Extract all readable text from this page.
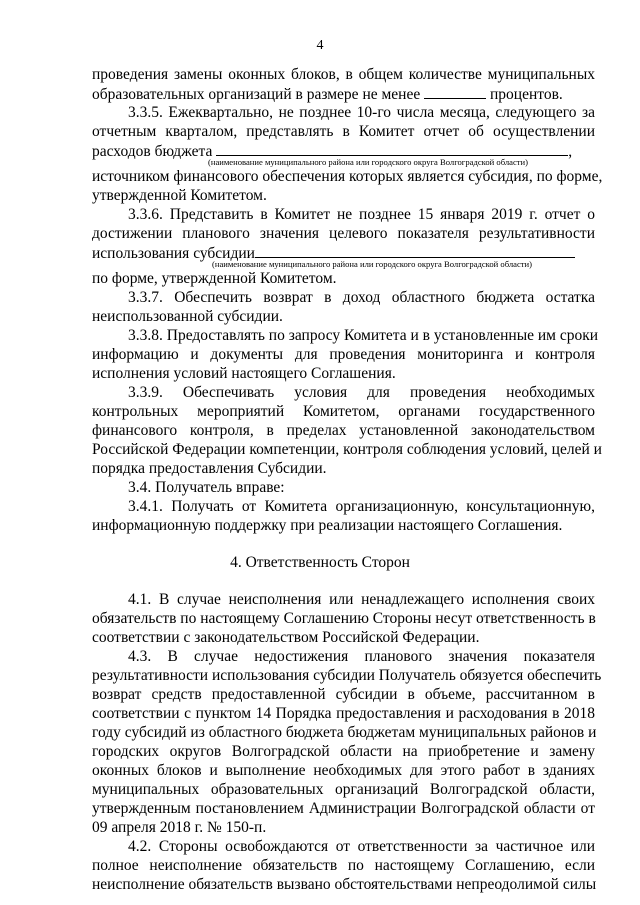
4
проведения замены оконных блоков, в общем количестве муниципальных
образовательных организаций в размере не менее	процентов.
3.3.5. Ежеквартально, не позднее 10-го числа месяца, следующего за
отчетным кварталом, представлять в Комитет отчет об осуществлении
расходов бюджета	,
(наименование муниципального района или городского округа Волгоградской области)
источником финансового обеспечения которых является субсидия, по форме,
утвержденной Комитетом.
3.3.6. Представить в Комитет не позднее 15 января 2019 г. отчет о
достижении планового значения целевого показателя результативности
использования субсидии
(наименование муниципального района или городского округа Волгоградской области)
по форме, утвержденной Комитетом.
3.3.7. Обеспечить возврат в доход областного бюджета остатка
неиспользованной субсидии.
3.3.8. Предоставлять по запросу Комитета и в установленные им сроки
информацию и документы для проведения мониторинга и контроля
исполнения условий настоящего Соглашения.
3.3.9. Обеспечивать условия для проведения необходимых
контрольных мероприятий Комитетом, органами государственного
финансового контроля, в пределах установленной законодательством
Российской Федерации компетенции, контроля соблюдения условий, целей и
порядка предоставления Субсидии.
3.4. Получатель вправе:
3.4.1. Получать от Комитета организационную, консультационную,
информационную поддержку при реализации настоящего Соглашения.
4. Ответственность Сторон
4.1. В случае неисполнения или ненадлежащего исполнения своих
обязательств по настоящему Соглашению Стороны несут ответственность в
соответствии с законодательством Российской Федерации.
4.3. В случае недостижения планового значения показателя
результативности использования субсидии Получатель обязуется обеспечить
возврат средств предоставленной субсидии в объеме, рассчитанном в
соответствии с пунктом 14 Порядка предоставления и расходования в 2018
году субсидий из областного бюджета бюджетам муниципальных районов и
городских округов Волгоградской области на приобретение и замену
оконных блоков и выполнение необходимых для этого работ в зданиях
муниципальных образовательных организаций Волгоградской области,
утвержденным постановлением Администрации Волгоградской области от
09 апреля 2018 г. № 150-п.
4.2. Стороны освобождаются от ответственности за частичное или
полное неисполнение обязательств по настоящему Соглашению, если
неисполнение обязательств вызвано обстоятельствами непреодолимой силы
